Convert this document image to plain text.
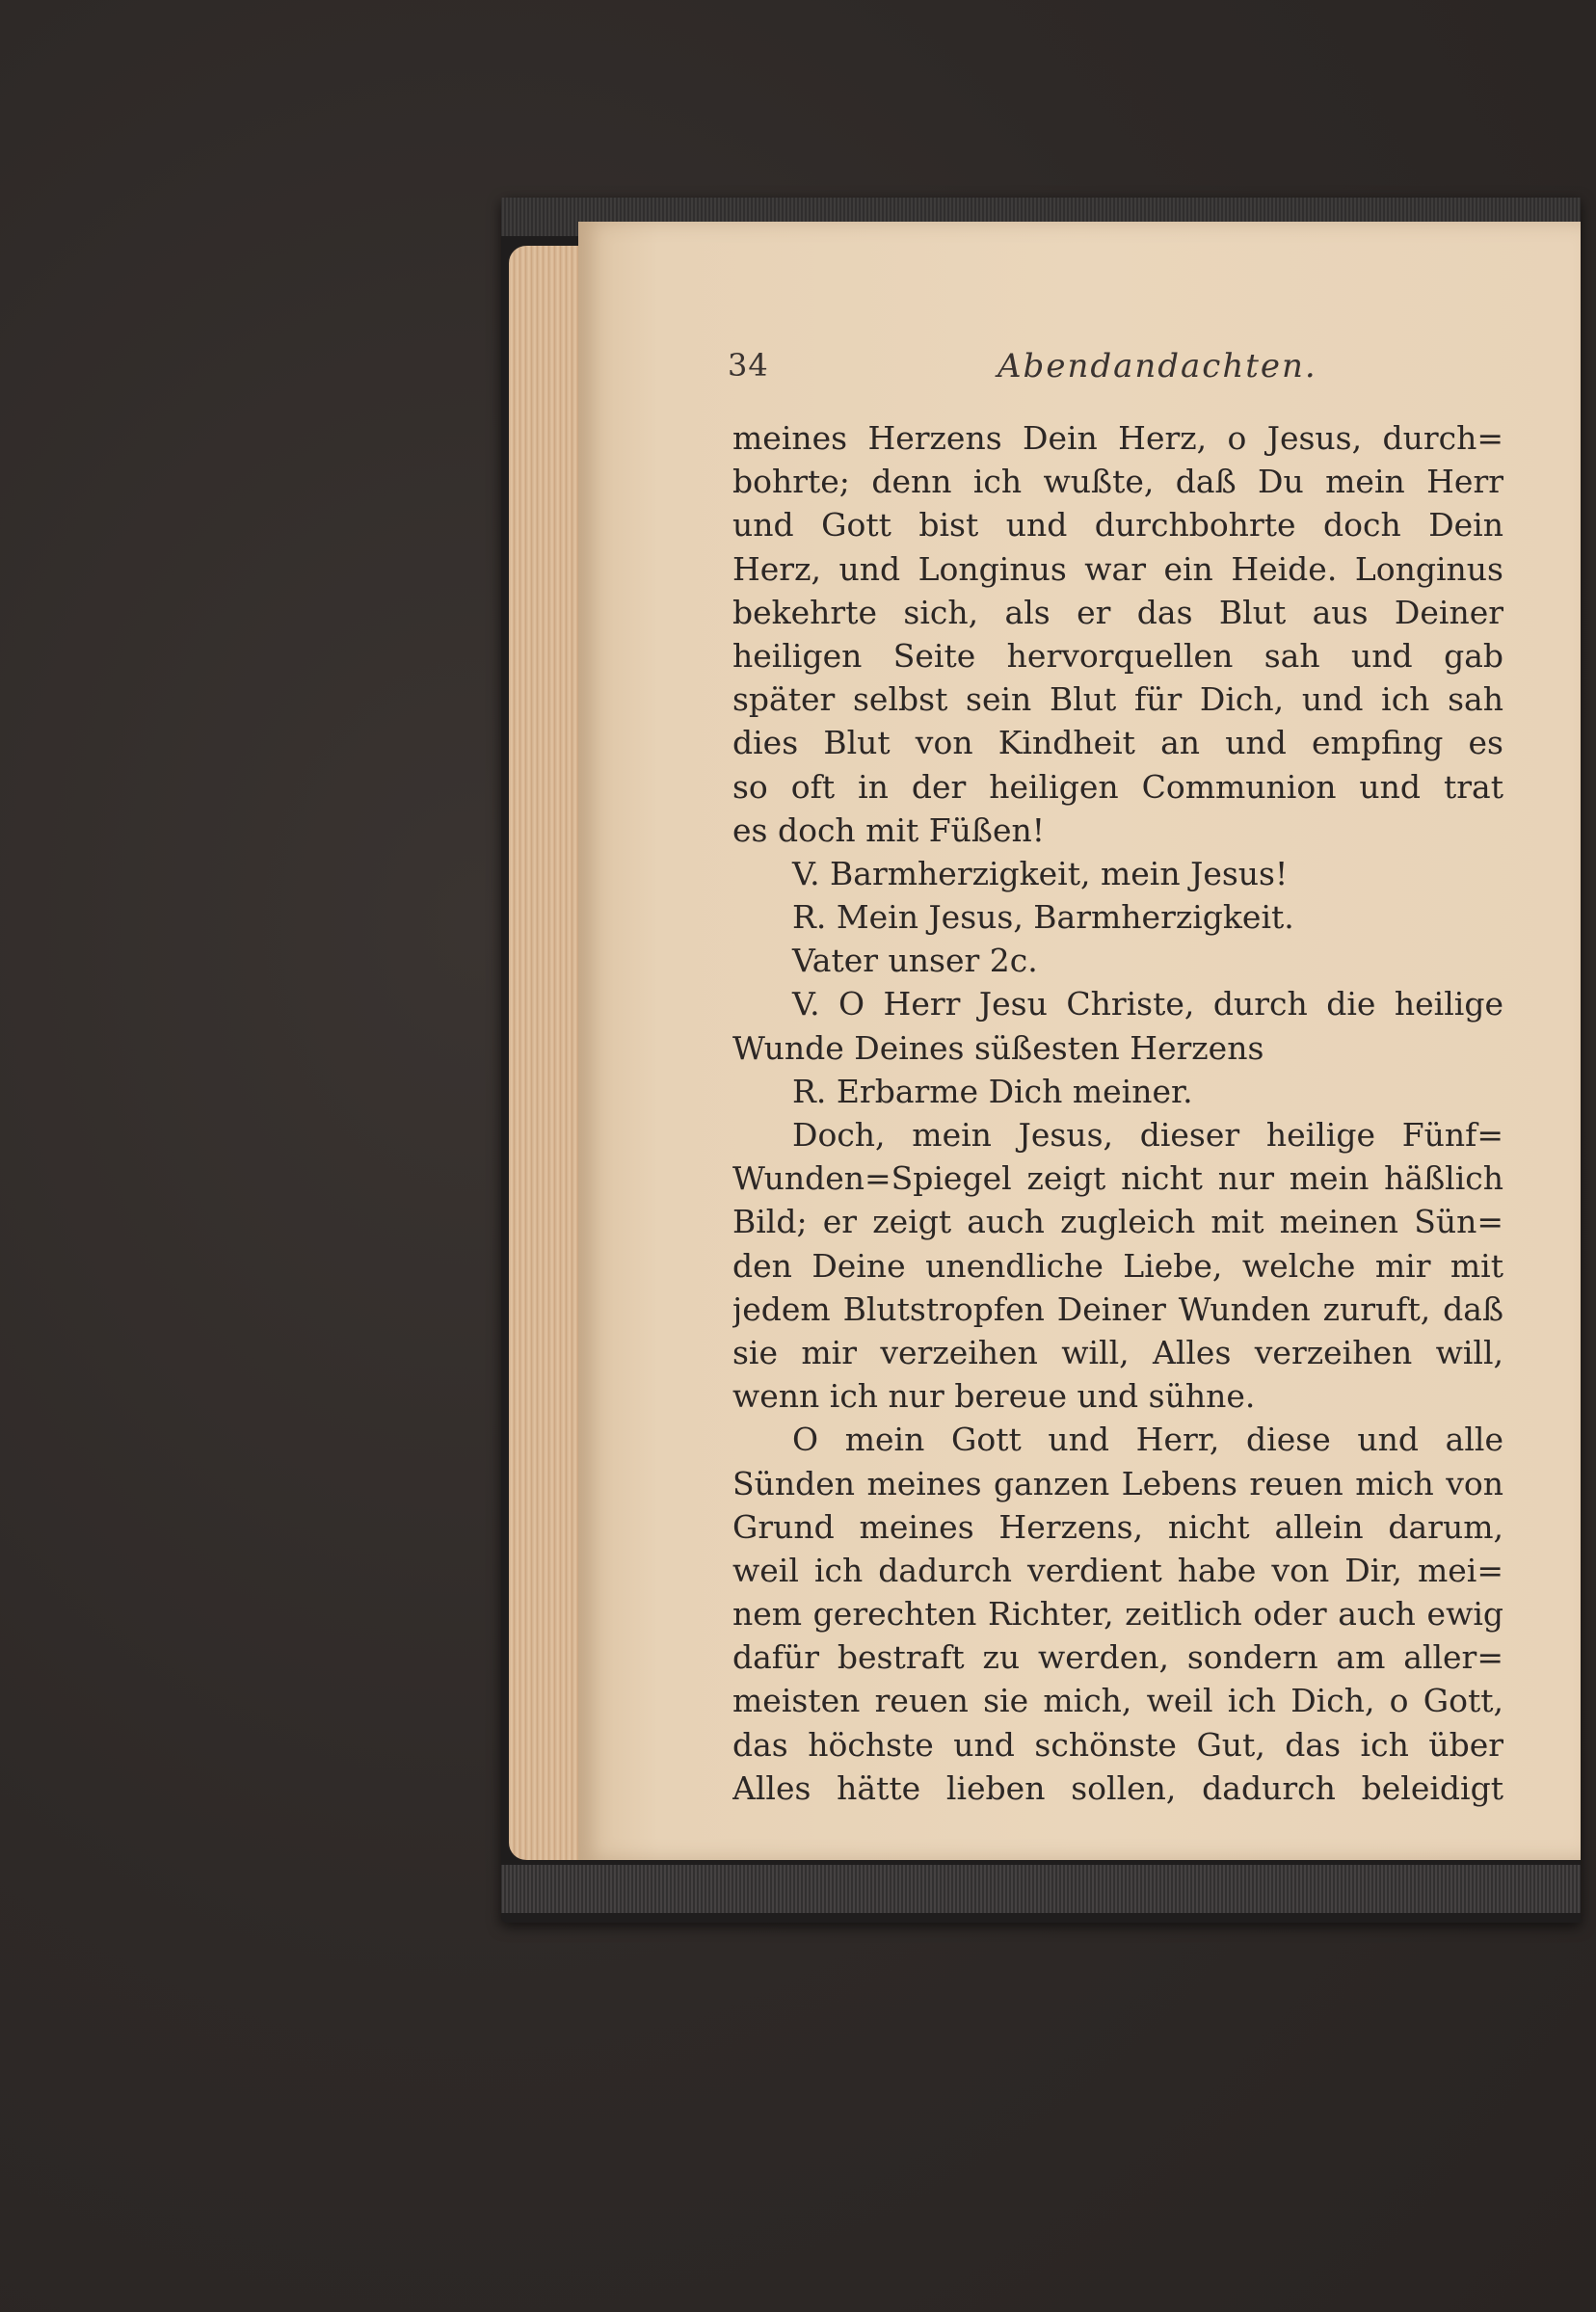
34	Abendandachten.
meines Herzens Dein Herz, o Jesus, durch=
bohrte; denn ich wußte, daß Du mein Herr
und Gott bist und durchbohrte doch Dein
Herz, und Longinus war ein Heide. Longinus
bekehrte sich, als er das Blut aus Deiner
heiligen Seite hervorquellen sah und gab
später selbst sein Blut für Dich, und ich sah
dies Blut von Kindheit an und empfing es
so oft in der heiligen Communion und trat
es doch mit Füßen!
V. Barmherzigkeit, mein Jesus!
R. Mein Jesus, Barmherzigkeit.
Vater unser 2c.
V. O Herr Jesu Christe, durch die heilige
Wunde Deines süßesten Herzens
R. Erbarme Dich meiner.
Doch, mein Jesus, dieser heilige Fünf=
Wunden=Spiegel zeigt nicht nur mein häßlich
Bild; er zeigt auch zugleich mit meinen Sün=
den Deine unendliche Liebe, welche mir mit
jedem Blutstropfen Deiner Wunden zuruft, daß
sie mir verzeihen will, Alles verzeihen will,
wenn ich nur bereue und sühne.
O mein Gott und Herr, diese und alle
Sünden meines ganzen Lebens reuen mich von
Grund meines Herzens, nicht allein darum,
weil ich dadurch verdient habe von Dir, mei=
nem gerechten Richter, zeitlich oder auch ewig
dafür bestraft zu werden, sondern am aller=
meisten reuen sie mich, weil ich Dich, o Gott,
das höchste und schönste Gut, das ich über
Alles hätte lieben sollen, dadurch beleidigt
